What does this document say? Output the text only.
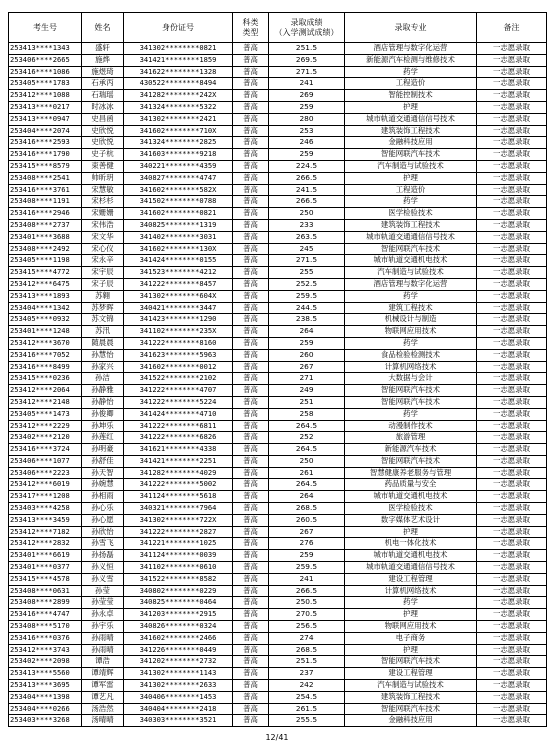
考生号	姓名	身份证号	科类
类型	录取成绩
（入学测试成绩）	录取专业	备注
253413****1343	盛轩	341302********0821	普高	251.5	酒店管理与数字化运营	一志愿录取
253406****2665	施烨	341421********1859	普高	269.5	新能源汽车检测与维修技术	一志愿录取
253416****1086	施煜琦	341622********1328	普高	271.5	药学	一志愿录取
253405****1783	石承丙	430522********8494	普高	241	工程造价	一志愿录取
253412****1088	石瑞瑶	341282********242X	普高	269	智能控制技术	一志愿录取
253413****0217	时冰冰	341324********5322	普高	259	护理	一志愿录取
253413****0947	史昌函	341302********2421	普高	280	城市轨道交通通信信号技术	一志愿录取
253404****2074	史欣悦	341602********710X	普高	253	建筑装饰工程技术	一志愿录取
253416****2593	史欣悦	341324********2825	普高	246	金融科技应用	一志愿录取
253416****1790	史子杭	341603********9218	普高	259	智能网联汽车技术	一志愿录取
253415****8579	束善健	340221********4359	普高	224.5	汽车制造与试验技术	一志愿录取
253408****2541	帅昕玥	340827********4747	普高	266.5	护理	一志愿录取
253416****3761	宋慧敏	341602********582X	普高	241.5	工程造价	一志愿录取
253408****1191	宋杉杉	341502********0788	普高	266.5	药学	一志愿录取
253416****2946	宋姗姗	341602********0821	普高	250	医学检验技术	一志愿录取
253408****2737	宋伟浩	340825********1319	普高	233	建筑装饰工程技术	一志愿录取
253401****3688	宋文华	341402********3031	普高	263.5	城市轨道交通通信信号技术	一志愿录取
253408****2492	宋心仪	341602********130X	普高	245	智能网联汽车技术	一志愿录取
253405****1198	宋永辛	341424********0155	普高	271.5	城市轨道交通机电技术	一志愿录取
253415****4772	宋宇辰	341523********4212	普高	255	汽车制造与试验技术	一志愿录取
253412****6475	宋子辰	341222********8457	普高	252.5	酒店管理与数字化运营	一志愿录取
253413****1893	苏翱	341302********604X	普高	259.5	药学	一志愿录取
253404****1342	苏梦晖	340421********3447	普高	244.5	建筑工程技术	一志愿录取
253405****0932	苏文锦	341423********1290	普高	238.5	机械设计与制造	一志愿录取
253401****1248	苏汛	341102********235X	普高	264	物联网应用技术	一志愿录取
253412****3670	随晨晨	341222********8160	普高	259	药学	一志愿录取
253416****7052	孙慧怡	341623********5963	普高	260	食品检验检测技术	一志愿录取
253416****8499	孙家兴	341602********0012	普高	267	计算机网络技术	一志愿录取
253415****0236	孙洁	341522********2102	普高	271	大数据与会计	一志愿录取
253412****2064	孙静雅	341222********4707	普高	249	智能网联汽车技术	一志愿录取
253412****2148	孙静怡	341222********5224	普高	251	智能网联汽车技术	一志愿录取
253405****1473	孙俊卿	341424********4710	普高	258	药学	一志愿录取
253412****2229	孙坤乐	341222********6811	普高	264.5	动漫制作技术	一志愿录取
253402****2120	孙莲红	341222********6826	普高	252	旅游管理	一志愿录取
253416****3724	孙明豪	341621********4338	普高	264.5	新能源汽车技术	一志愿录取
253406****1077	孙舒佳	341421********2251	普高	250	智能网联汽车技术	一志愿录取
253406****2223	孙天智	341282********4029	普高	261	智慧健康养老服务与管理	一志愿录取
253412****6019	孙婉慧	341222********5002	普高	264.5	药品质量与安全	一志愿录取
253417****1208	孙相雨	341124********5618	普高	264	城市轨道交通机电技术	一志愿录取
253403****4258	孙心乐	340321********7964	普高	268.5	医学检验技术	一志愿录取
253413****3459	孙心愿	341302********722X	普高	260.5	数字媒体艺术设计	一志愿录取
253412****7182	孙欣怡	341222********2827	普高	267	护理	一志愿录取
253412****2832	孙雪飞	341221********1025	普高	276	机电一体化技术	一志愿录取
253401****6619	孙扬磊	341124********0039	普高	259	城市轨道交通机电技术	一志愿录取
253401****0377	孙义恒	341102********0610	普高	259.5	城市轨道交通通信信号技术	一志愿录取
253415****4578	孙义雪	341522********8582	普高	241	建设工程管理	一志愿录取
253408****0631	孙莹	340802********0229	普高	266.5	计算机网络技术	一志愿录取
253408****2899	孙莹莹	340825********0464	普高	250.5	药学	一志愿录取
253416****4747	孙永卓	341203********2915	普高	270.5	护理	一志愿录取
253408****5170	孙宇乐	340826********0324	普高	256.5	物联网应用技术	一志愿录取
253416****0376	孙雨晴	341602********2466	普高	274	电子商务	一志愿录取
253412****3743	孙雨晴	341226********0449	普高	268.5	护理	一志愿录取
253402****2098	谭浩	341202********2732	普高	251.5	智能网联汽车技术	一志愿录取
253413****5560	谭靖辉	341302********1143	普高	237	建设工程管理	一志愿录取
253413****3695	谭军雷	341302********2633	普高	242	汽车制造与试验技术	一志愿录取
253404****1398	谭艺凡	340406********1453	普高	254.5	建筑装饰工程技术	一志愿录取
253404****0266	汤浩然	340404********2418	普高	261.5	智能网联汽车技术	一志愿录取
253403****3268	汤晴晴	340303********3521	普高	255.5	金融科技应用	一志愿录取
12/41
